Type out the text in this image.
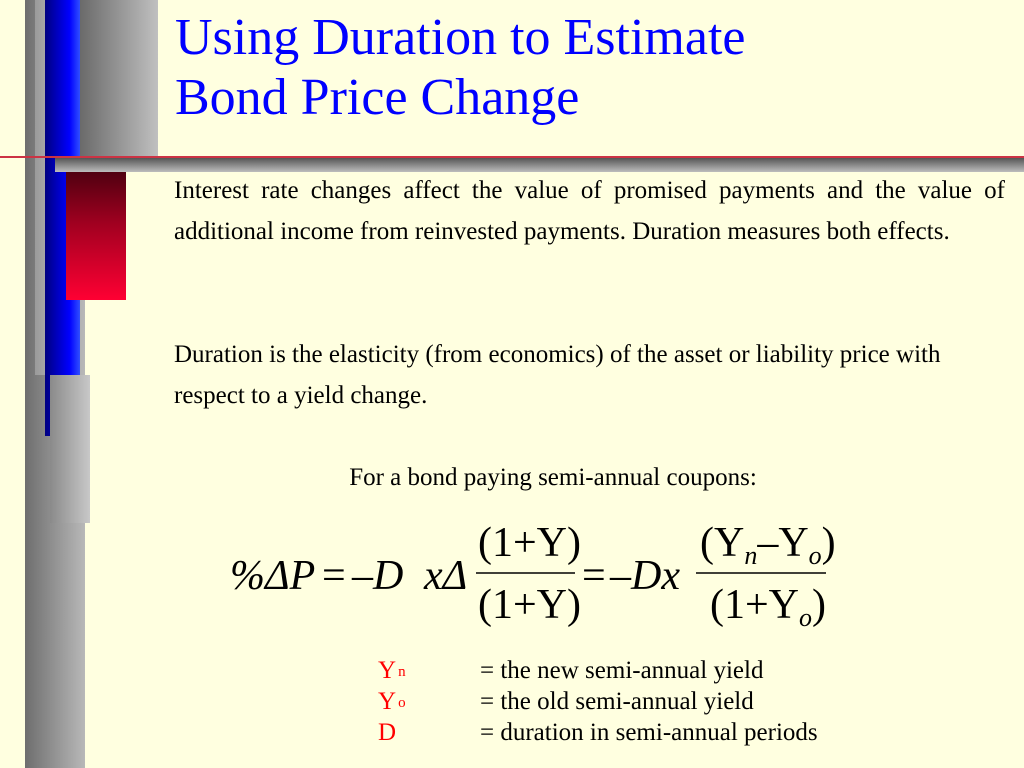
Using Duration to Estimate
Bond Price Change

Interest rate changes affect the value of promised payments and the value of additional income from reinvested payments. Duration measures both effects.

Duration is the elasticity (from economics) of the asset or liability price with respect to a yield change.

For a bond paying semi-annual coupons:

%ΔP = –D xΔ
(1+Y)
(1+Y)
= –Dx
(Yn–Yo)
(1+Yo)
Y $_n$	= the new semi-annual yield
Y $_o$	= the old semi-annual yield
D	= duration in semi-annual periods
